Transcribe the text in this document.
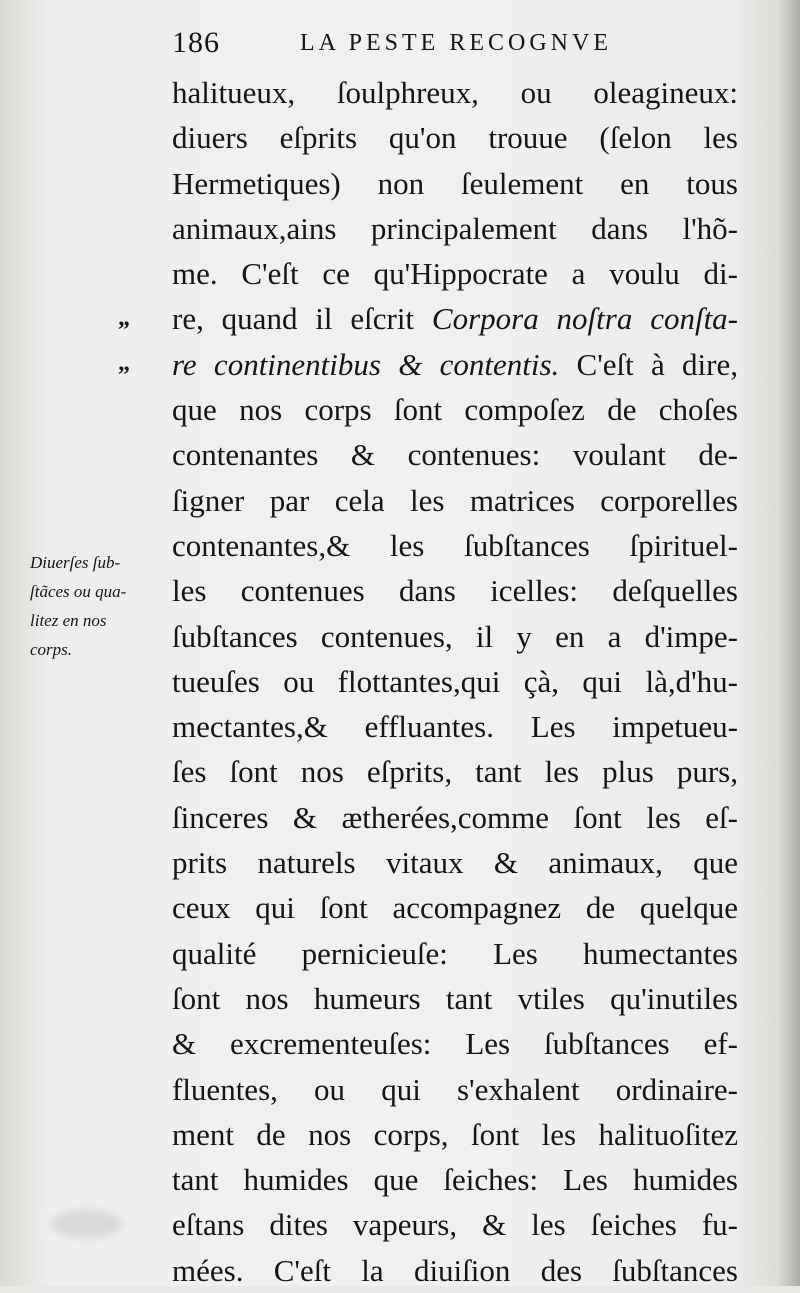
186	LA PESTE RECOGNVE
„
„
Diuerſes ſub-
ſtãces ou qua-
litez en nos
corps.
halitueux, ſoulphreux, ou oleagineux:
diuers eſprits qu'on trouue (ſelon les
Hermetiques) non ſeulement en tous
animaux,ains principalement dans l'hõ-
me. C'eſt ce qu'Hippocrate a voulu di-
re, quand il eſcrit Corpora noſtra conſta-
re continentibus & contentis. C'eſt à dire,
que nos corps ſont compoſez de choſes
contenantes & contenues: voulant de-
ſigner par cela les matrices corporelles
contenantes,& les ſubſtances ſpirituel-
les contenues dans icelles: deſquelles
ſubſtances contenues, il y en a d'impe-
tueuſes ou flottantes,qui çà, qui là,d'hu-
mectantes,& effluantes. Les impetueu-
ſes ſont nos eſprits, tant les plus purs,
ſinceres & ætherées,comme ſont les eſ-
prits naturels vitaux & animaux, que
ceux qui ſont accompagnez de quelque
qualité pernicieuſe: Les humectantes
ſont nos humeurs tant vtiles qu'inutiles
& excrementeuſes: Les ſubſtances ef-
fluentes, ou qui s'exhalent ordinaire-
ment de nos corps, ſont les halituoſitez
tant humides que ſeiches: Les humides
eſtans dites vapeurs, & les ſeiches fu-
mées. C'eſt la diuiſion des ſubſtances
